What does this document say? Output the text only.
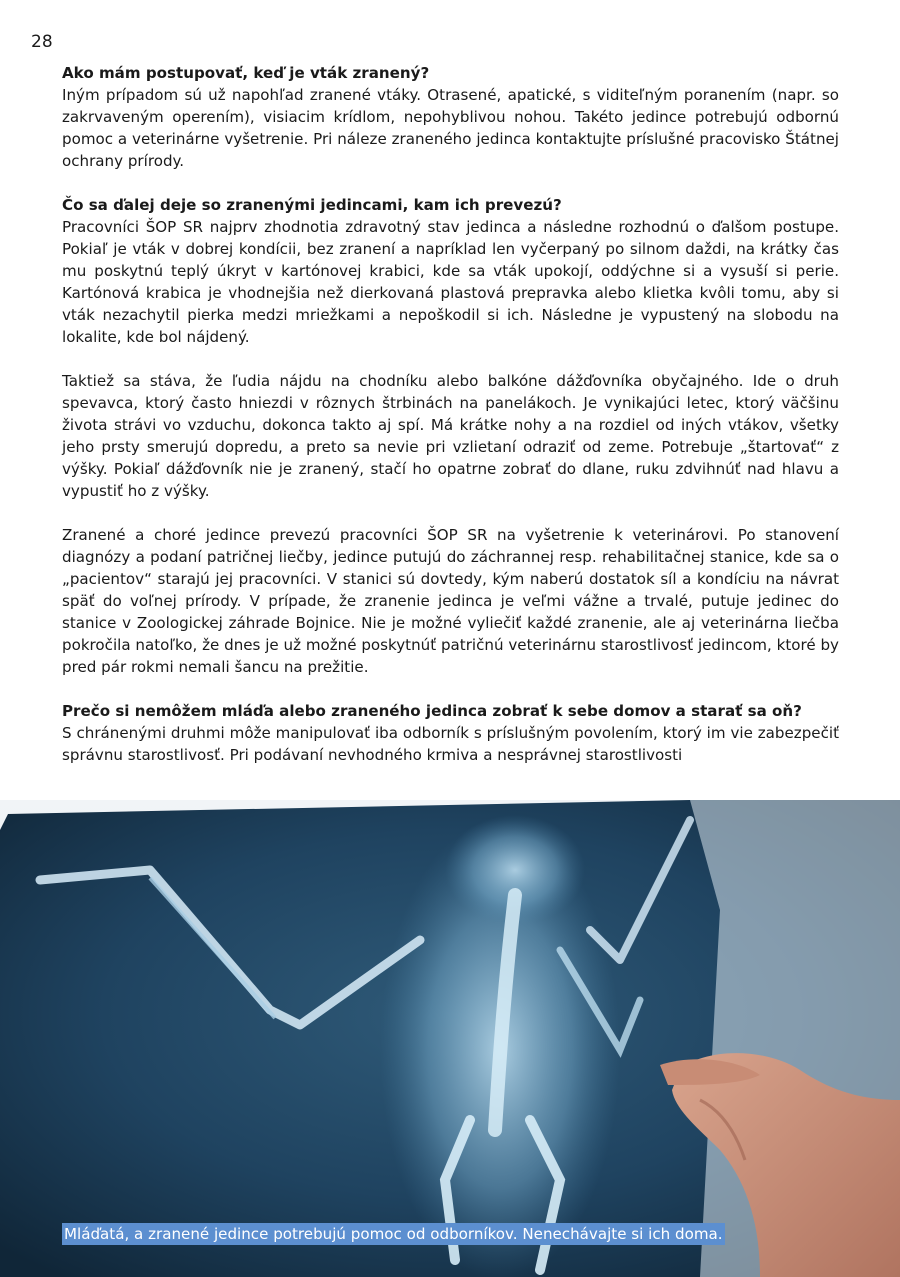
28

Ako mám postupovať, keď je vták zranený?

Iným prípadom sú už napohľad zranené vtáky. Otrasené, apatické, s viditeľným poranením (napr. so zakrvaveným operením), visiacim krídlom, nepohyblivou nohou. Takéto jedince potrebujú odbornú pomoc a veterinárne vyšetrenie. Pri náleze zraneného jedinca kontaktujte príslušné pracovisko Štátnej ochrany prírody.

Čo sa ďalej deje so zranenými jedincami, kam ich prevezú?

Pracovníci ŠOP SR najprv zhodnotia zdravotný stav jedinca a následne rozhodnú o ďalšom postupe. Pokiaľ je vták v dobrej kondícii, bez zranení a napríklad len vyčerpaný po silnom daždi, na krátky čas mu poskytnú teplý úkryt v kartónovej krabici, kde sa vták upokojí, oddýchne si a vysuší si perie. Kartónová krabica je vhodnejšia než dierkovaná plastová prepravka alebo klietka kvôli tomu, aby si vták nezachytil pierka medzi mriežkami a nepoškodil si ich. Následne je vypustený na slobodu na lokalite, kde bol nájdený.

Taktiež sa stáva, že ľudia nájdu na chodníku alebo balkóne dážďovníka obyčajného. Ide o druh spevavca, ktorý často hniezdi v rôznych štrbinách na panelákoch. Je vynikajúci letec, ktorý väčšinu života strávi vo vzduchu, dokonca takto aj spí. Má krátke nohy a na rozdiel od iných vtákov, všetky jeho prsty smerujú dopredu, a preto sa nevie pri vzlietaní odraziť od zeme. Potrebuje „štartovať“ z výšky. Pokiaľ dážďovník nie je zranený, stačí ho opatrne zobrať do dlane, ruku zdvihnúť nad hlavu a vypustiť ho z výšky.

Zranené a choré jedince prevezú pracovníci ŠOP SR na vyšetrenie k veterinárovi. Po stanovení diagnózy a podaní patričnej liečby, jedince putujú do záchrannej resp. rehabilitačnej stanice, kde sa o „pacientov“ starajú jej pracovníci. V stanici sú dovtedy, kým naberú dostatok síl a kondíciu na návrat späť do voľnej prírody. V prípade, že zranenie jedinca je veľmi vážne a trvalé, putuje jedinec do stanice v Zoologickej záhrade Bojnice. Nie je možné vyliečiť každé zranenie, ale aj veterinárna liečba pokročila natoľko, že dnes je už možné poskytnúť patričnú veterinárnu starostlivosť jedincom, ktoré by pred pár rokmi nemali šancu na prežitie.

Prečo si nemôžem mláďa alebo zraneného jedinca zobrať k sebe domov a starať sa oň?

S chránenými druhmi môže manipulovať iba odborník s príslušným povolením, ktorý im vie zabezpečiť správnu starostlivosť. Pri podávaní nevhodného krmiva a nesprávnej starostlivosti

Mláďatá, a zranené jedince potrebujú pomoc od odborníkov. Nenechávajte si ich doma.
